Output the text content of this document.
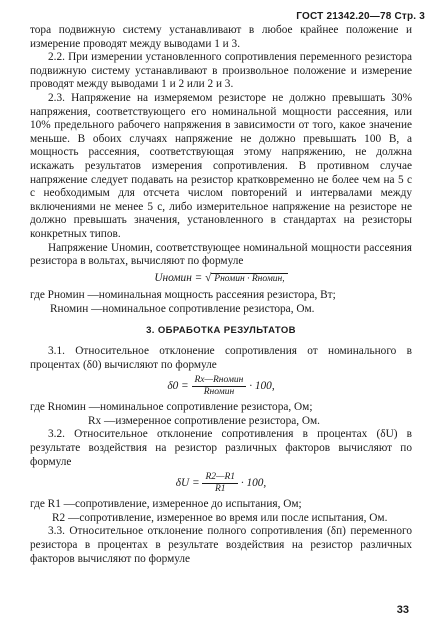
ГОСТ 21342.20—78 Стр. 3

тора подвижную систему устанавливают в любое крайнее положение и измерение проводят между выводами 1 и 3.

2.2. При измерении установленного сопротивления переменного резистора подвижную систему устанавливают в произвольное положение и измерение проводят между выводами 1 и 2 или 2 и 3.

2.3. Напряжение на измеряемом резисторе не должно превышать 30% напряжения, соответствующего его номинальной мощности рассеяния, или 10% предельного рабочего напряжения в зависимости от того, какое значение меньше. В обоих случаях напряжение не должно превышать 100 В, а мощность рассеяния, соответствующая этому напряжению, не должна искажать результатов измерения сопротивления. В противном случае напряжение следует подавать на резистор кратковременно не более чем на 5 с с необходимым для отсчета числом повторений и интервалами между включениями не менее 5 с, либо измерительное напряжение на резисторе не должно превышать значения, установленного в стандартах на резисторы конкретных типов.

Напряжение Uномин, соответствующее номинальной мощности рассеяния резистора в вольтах, вычисляют по формуле

Uномин = √ Pномин · Rномин,
где Pномин — номинальная мощность рассеяния резистора, Вт;
Rномин — номинальное сопротивление резистора, Ом.
3. ОБРАБОТКА РЕЗУЛЬТАТОВ

3.1. Относительное отклонение сопротивления от номинального в процентах (δ0) вычисляют по формуле

$\delta 0 = \frac{\text{Rх—Rномин}}{\text{Rномин}} \cdot 100$,
где Rномин — номинальное сопротивление резистора, Ом;
Rх — измеренное сопротивление резистора, Ом.

3.2. Относительное отклонение сопротивления в процентах (δU) в результате воздействия на резистор различных факторов вычисляют по формуле

$\delta U = \frac{R2—R1}{R1} \cdot 100$,
где R1 — сопротивление, измеренное до испытания, Ом;
R2 — сопротивление, измеренное во время или после испытания, Ом.

3.3. Относительное отклонение полного сопротивления (δп) переменного резистора в процентах в результате воздействия на резистор различных факторов вычисляют по формуле

33
